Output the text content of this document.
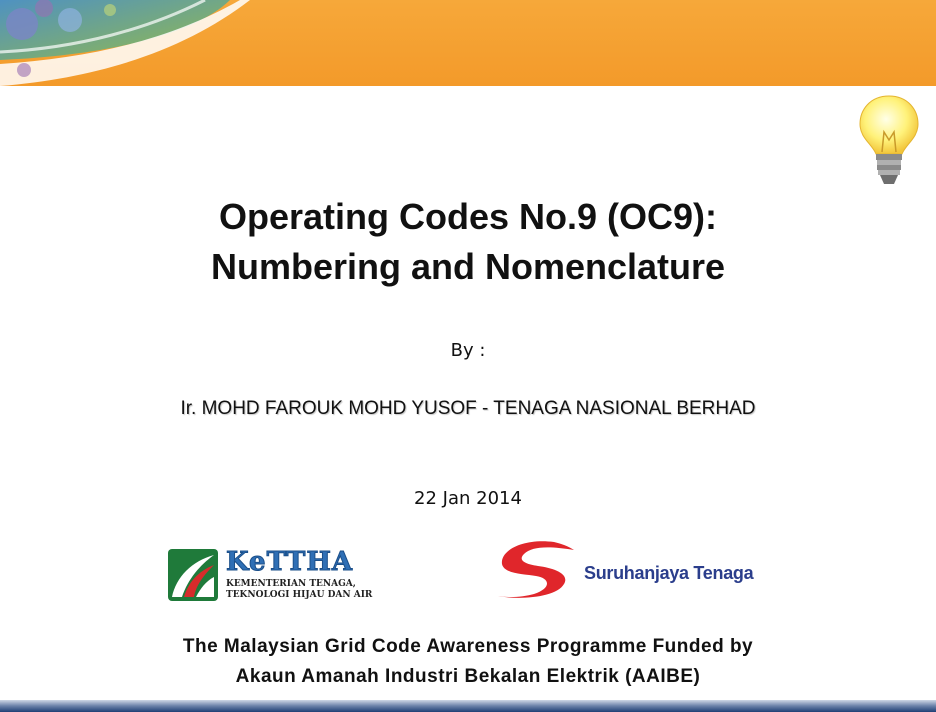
Operating Codes No.9 (OC9):
Numbering and Nomenclature
By :
Ir. MOHD FAROUK MOHD YUSOF - TENAGA NASIONAL BERHAD
22 Jan 2014
KeTTHA
KEMENTERIAN TENAGA,
TEKNOLOGI HIJAU DAN AIR
Suruhanjaya Tenaga
The Malaysian Grid Code Awareness Programme Funded by
Akaun Amanah Industri Bekalan Elektrik (AAIBE)
